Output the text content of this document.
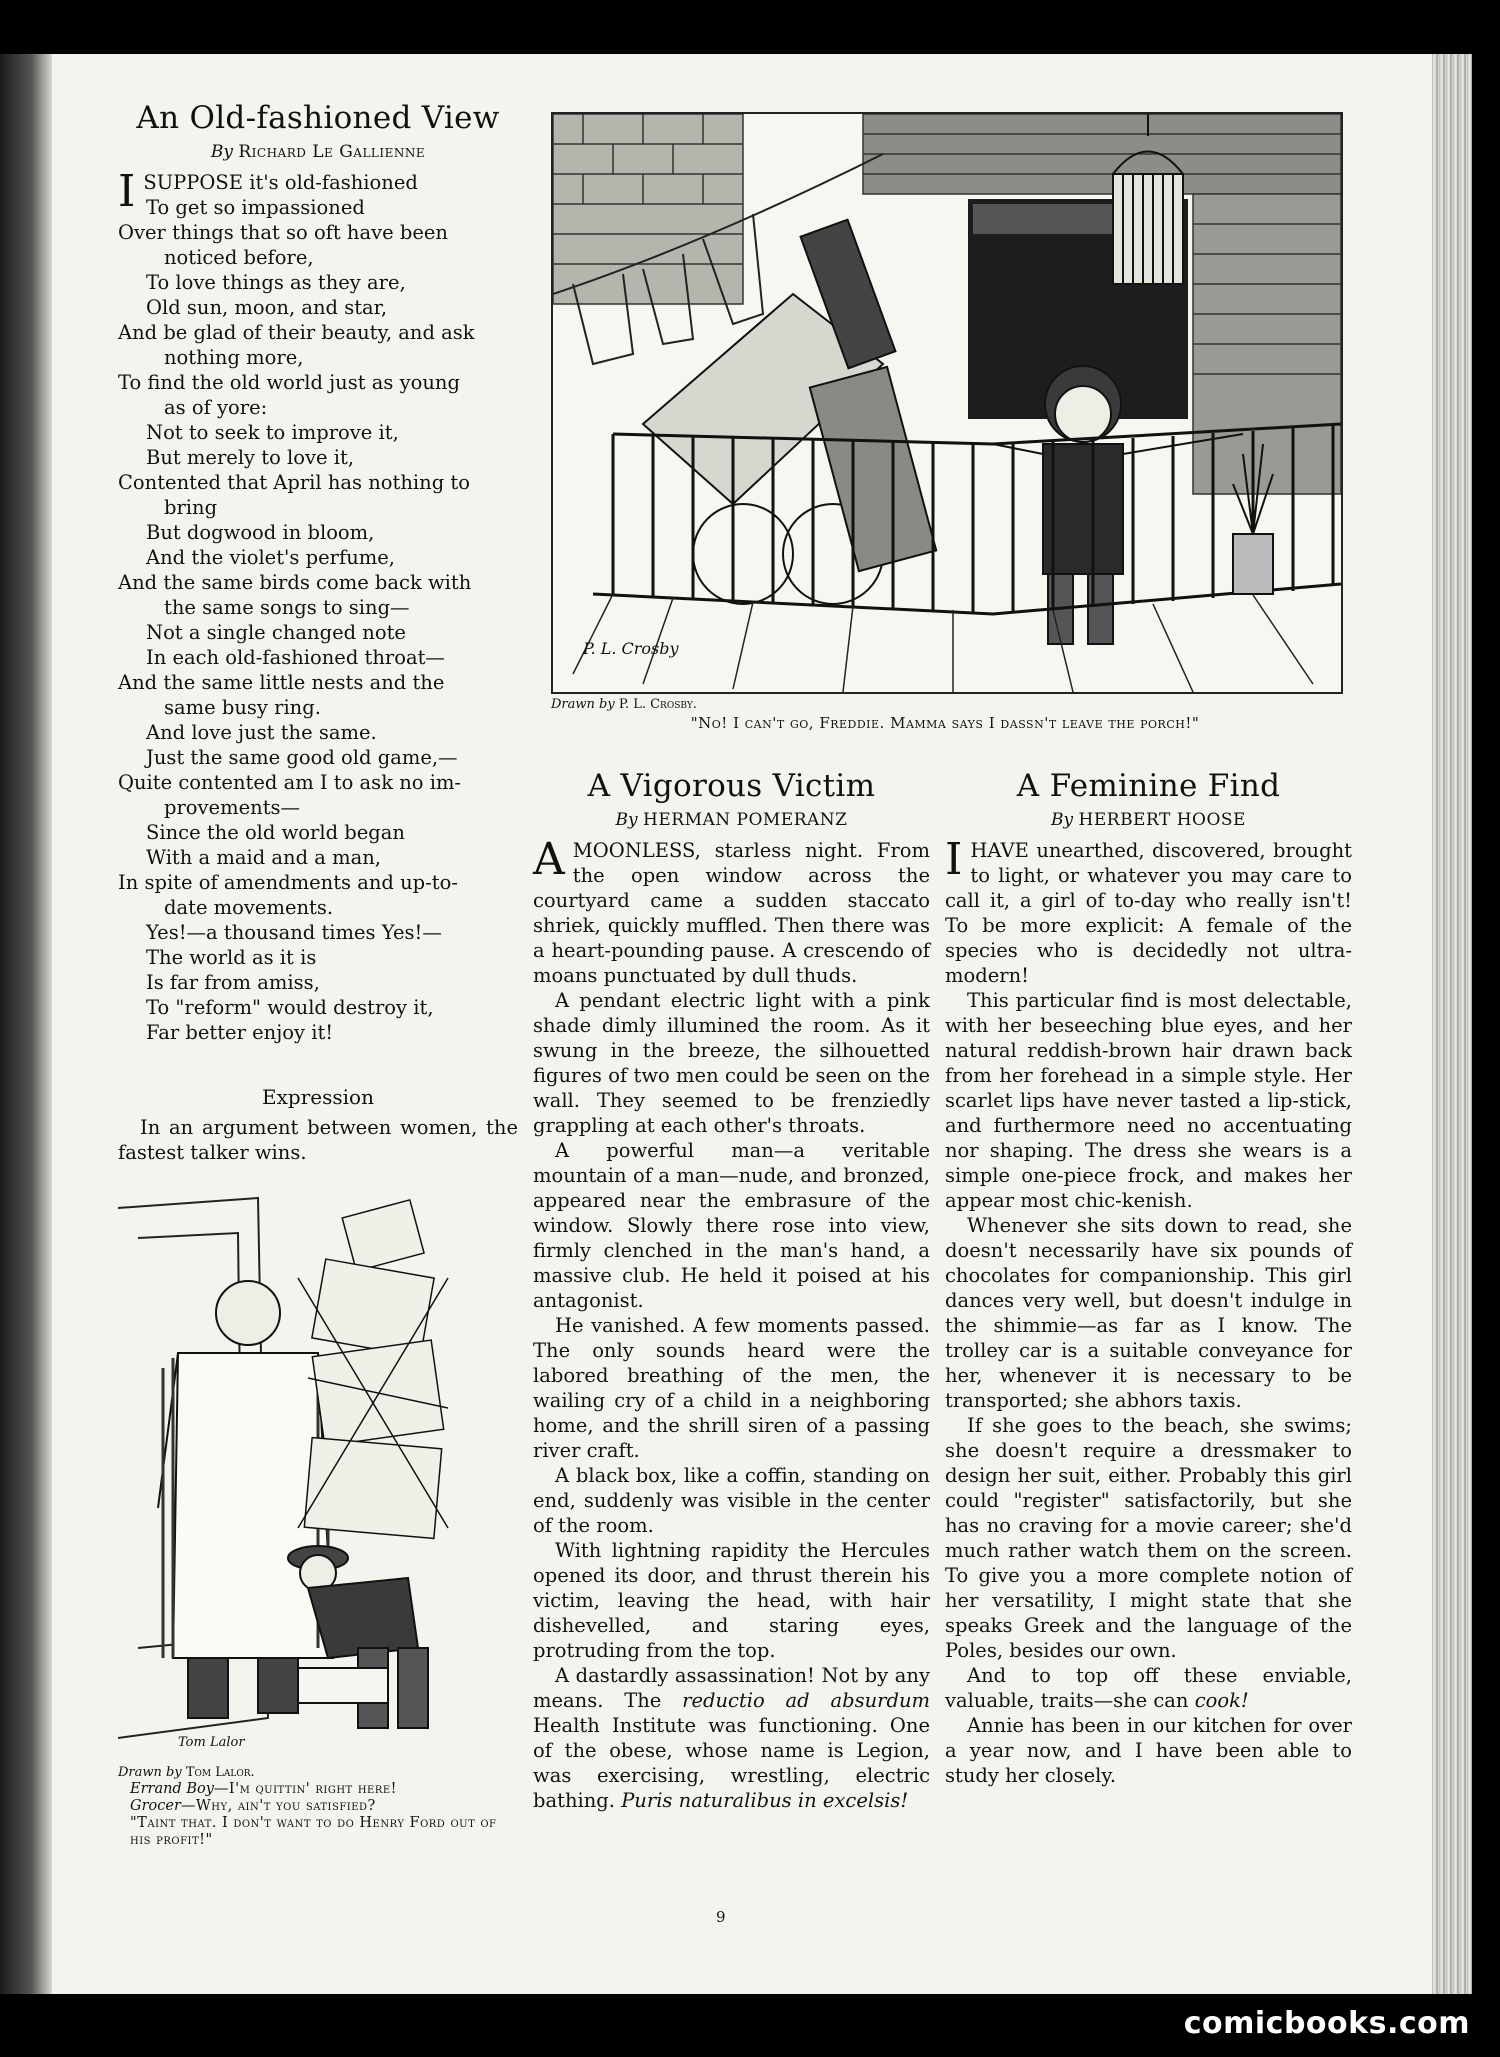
An Old-fashioned View
By Richard Le Gallienne
I SUPPOSE it's old-fashioned
To get so impassioned
Over things that so oft have been
noticed before,
To love things as they are,
Old sun, moon, and star,
And be glad of their beauty, and ask
nothing more,
To find the old world just as young
as of yore:
Not to seek to improve it,
But merely to love it,
Contented that April has nothing to
bring
But dogwood in bloom,
And the violet's perfume,
And the same birds come back with
the same songs to sing—
Not a single changed note
In each old-fashioned throat—
And the same little nests and the
same busy ring.
And love just the same.
Just the same good old game,—
Quite contented am I to ask no im-
provements—
Since the old world began
With a maid and a man,
In spite of amendments and up-to-
date movements.
Yes!—a thousand times Yes!—
The world as it is
Is far from amiss,
To "reform" would destroy it,
Far better enjoy it!
Expression

In an argument between women, the fastest talker wins.

P. L. Crosby
Drawn by P. L. Crosby.
"No! I can't go, Freddie. Mamma says I dassn't leave the porch!"
Tom Lalor
Drawn by Tom Lalor.
Errand Boy—I'm quittin' right here!
Grocer—Why, ain't you satisfied?
"Taint that. I don't want to do Henry Ford out of his profit!"
A Vigorous Victim
By HERMAN POMERANZ

A MOONLESS, starless night. From the open window across the courtyard came a sudden staccato shriek, quickly muffled. Then there was a heart-pounding pause. A crescendo of moans punctuated by dull thuds.

A pendant electric light with a pink shade dimly illumined the room. As it swung in the breeze, the silhouetted figures of two men could be seen on the wall. They seemed to be frenziedly grappling at each other's throats.

A powerful man—a veritable mountain of a man—nude, and bronzed, appeared near the embrasure of the window. Slowly there rose into view, firmly clenched in the man's hand, a massive club. He held it poised at his antagonist.

He vanished. A few moments passed. The only sounds heard were the labored breathing of the men, the wailing cry of a child in a neighboring home, and the shrill siren of a passing river craft.

A black box, like a coffin, standing on end, suddenly was visible in the center of the room.

With lightning rapidity the Hercules opened its door, and thrust therein his victim, leaving the head, with hair dishevelled, and staring eyes, protruding from the top.

A dastardly assassination! Not by any means. The reductio ad absurdum Health Institute was functioning. One of the obese, whose name is Legion, was exercising, wrestling, electric bathing. Puris naturalibus in excelsis!

A Feminine Find
By HERBERT HOOSE

I HAVE unearthed, discovered, brought to light, or whatever you may care to call it, a girl of to-day who really isn't! To be more explicit: A female of the species who is decidedly not ultra-modern!

This particular find is most delectable, with her beseeching blue eyes, and her natural reddish-brown hair drawn back from her forehead in a simple style. Her scarlet lips have never tasted a lip-stick, and furthermore need no accentuating nor shaping. The dress she wears is a simple one-piece frock, and makes her appear most chic-kenish.

Whenever she sits down to read, she doesn't necessarily have six pounds of chocolates for companionship. This girl dances very well, but doesn't indulge in the shimmie—as far as I know. The trolley car is a suitable conveyance for her, whenever it is necessary to be transported; she abhors taxis.

If she goes to the beach, she swims; she doesn't require a dressmaker to design her suit, either. Probably this girl could "register" satisfactorily, but she has no craving for a movie career; she'd much rather watch them on the screen. To give you a more complete notion of her versatility, I might state that she speaks Greek and the language of the Poles, besides our own.

And to top off these enviable, valuable, traits—she can cook!

Annie has been in our kitchen for over a year now, and I have been able to study her closely.

9
comicbooks.com
